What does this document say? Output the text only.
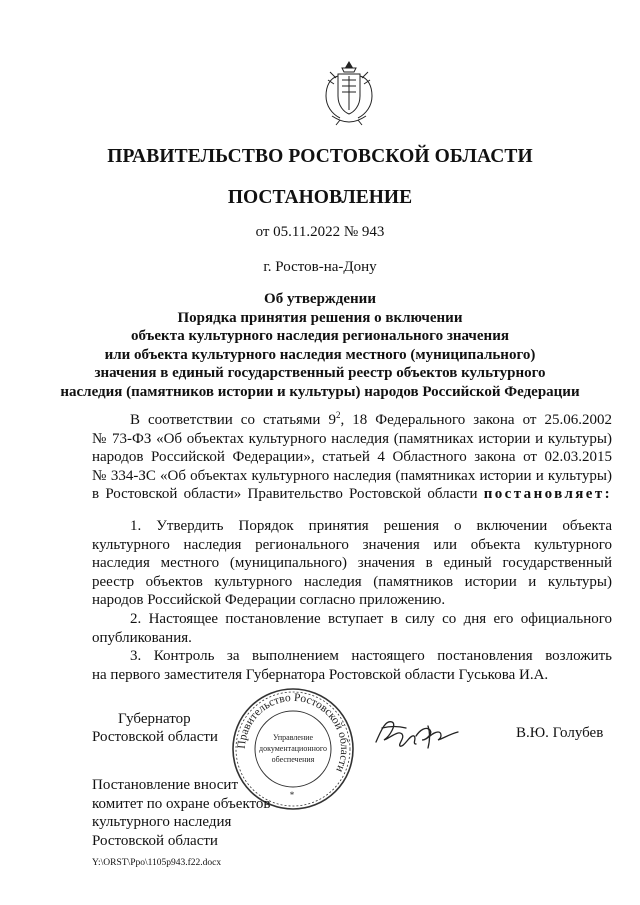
ПРАВИТЕЛЬСТВО РОСТОВСКОЙ ОБЛАСТИ
ПОСТАНОВЛЕНИЕ
от 05.11.2022 № 943
г. Ростов-на-Дону
Об утверждении
Порядка принятия решения о включении
объекта культурного наследия регионального значения
или объекта культурного наследия местного (муниципального)
значения в единый государственный реестр объектов культурного
наследия (памятников истории и культуры) народов Российской Федерации
В соответствии со статьями $9^2$, 18 Федерального закона от 25.06.2002
№ 73-ФЗ «Об объектах культурного наследия (памятниках истории и культуры)
народов Российской Федерации», статьей 4 Областного закона от 02.03.2015
№ 334-ЗС «Об объектах культурного наследия (памятниках истории и культуры)
в Ростовской области» Правительство Ростовской области постановляет:
1. Утвердить Порядок принятия решения о включении объекта
культурного наследия регионального значения или объекта культурного
наследия местного (муниципального) значения в единый государственный
реестр объектов культурного наследия (памятников истории и культуры)
народов Российской Федерации согласно приложению.
2. Настоящее постановление вступает в силу со дня его официального
опубликования.
3. Контроль за выполнением настоящего постановления возложить
на первого заместителя Губернатора Ростовской области Гуськова И.А.
Губернатор
Ростовской области Правительство Ростовской области
Управление
документационного
обеспечения
*
В.Ю. Голубев
Постановление вносит
комитет по охране объектов
культурного наследия
Ростовской области
Y:\ORST\Ppo\1105p943.f22.docx
